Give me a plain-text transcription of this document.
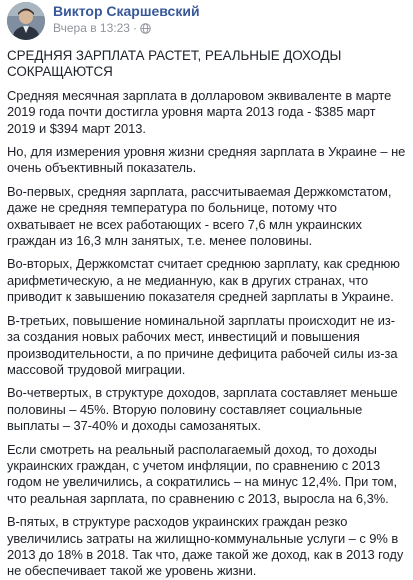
Виктор Скаршевский
Вчера в 13:23 ·

СРЕДНЯЯ ЗАРПЛАТА РАСТЕТ, РЕАЛЬНЫЕ ДОХОДЫ СОКРАЩАЮТСЯ

Средняя месячная зарплата в долларовом эквиваленте в марте 2019 года почти достигла уровня марта 2013 года - $385 март 2019 и $394 март 2013.

Но, для измерения уровня жизни средняя зарплата в Украине – не очень объективный показатель.

Во-первых, средняя зарплата, рассчитываемая Держкомстатом, даже не средняя температура по больнице, потому что охватывает не всех работающих - всего 7,6 млн украинских граждан из 16,3 млн занятых, т.е. менее половины.

Во-вторых, Держкомстат считает среднюю зарплату, как среднюю арифметическую, а не медианную, как в других странах, что приводит к завышению показателя средней зарплаты в Украине.

В-третьих, повышение номинальной зарплаты происходит не из-за создания новых рабочих мест, инвестиций и повышения производительности, а по причине дефицита рабочей силы из-за массовой трудовой миграции.

Во-четвертых, в структуре доходов, зарплата составляет меньше половины – 45%. Вторую половину составляет социальные выплаты – 37-40% и доходы самозанятых.

Если смотреть на реальный располагаемый доход, то доходы украинских граждан, с учетом инфляции, по сравнению с 2013 годом не увеличились, а сократились – на минус 12,4%. При том, что реальная зарплата, по сравнению с 2013, выросла на 6,3%.

В-пятых, в структуре расходов украинских граждан резко увеличились затраты на жилищно-коммунальные услуги – с 9% в 2013 до 18% в 2018. Так что, даже такой же доход, как в 2013 году не обеспечивает такой же уровень жизни.
